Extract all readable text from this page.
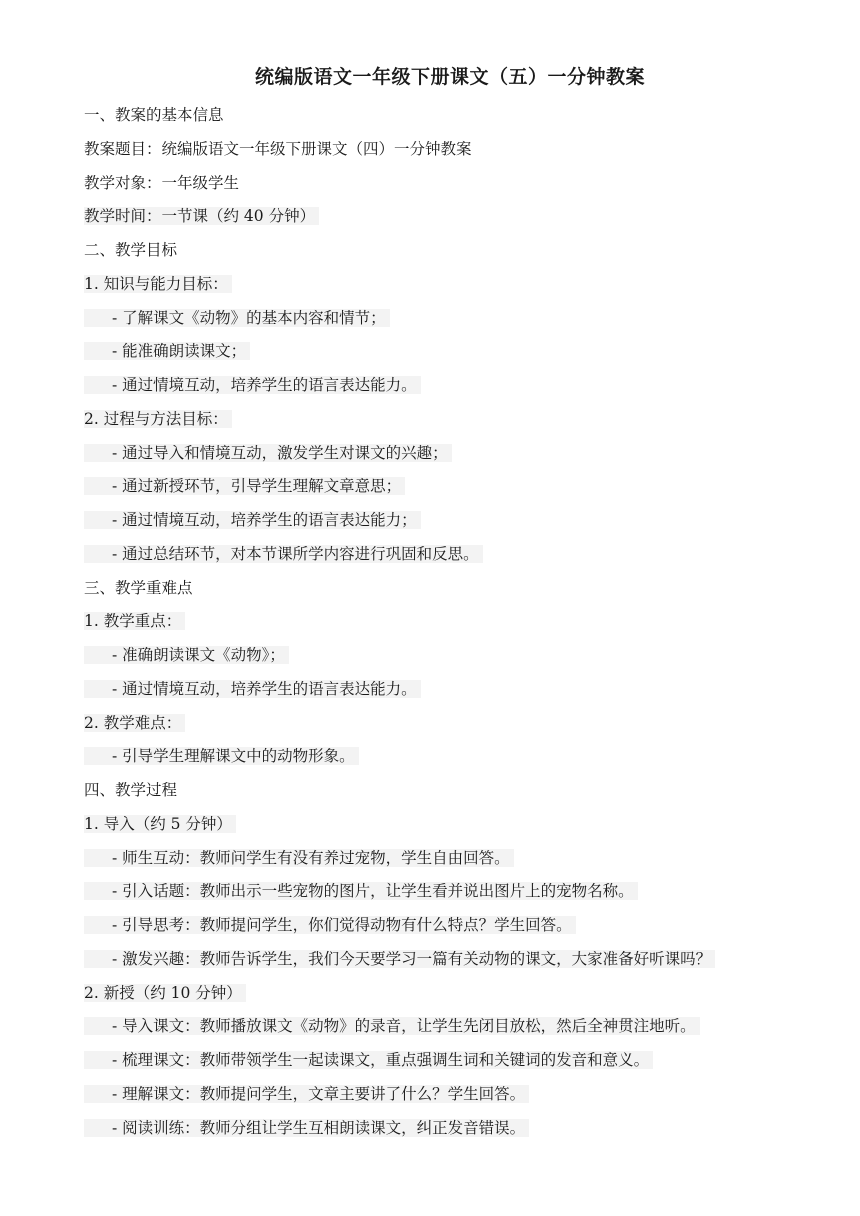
统编版语文一年级下册课文（五）一分钟教案
一、教案的基本信息
教案题目：统编版语文一年级下册课文（四）一分钟教案
教学对象：一年级学生
教学时间：一节课（约 40 分钟）
二、教学目标
1. 知识与能力目标：
- 了解课文《动物》的基本内容和情节；
- 能准确朗读课文；
- 通过情境互动，培养学生的语言表达能力。
2. 过程与方法目标：
- 通过导入和情境互动，激发学生对课文的兴趣；
- 通过新授环节，引导学生理解文章意思；
- 通过情境互动，培养学生的语言表达能力；
- 通过总结环节，对本节课所学内容进行巩固和反思。
三、教学重难点
1. 教学重点：
- 准确朗读课文《动物》；
- 通过情境互动，培养学生的语言表达能力。
2. 教学难点：
- 引导学生理解课文中的动物形象。
四、教学过程
1. 导入（约 5 分钟）
- 师生互动：教师问学生有没有养过宠物，学生自由回答。
- 引入话题：教师出示一些宠物的图片，让学生看并说出图片上的宠物名称。
- 引导思考：教师提问学生，你们觉得动物有什么特点？学生回答。
- 激发兴趣：教师告诉学生，我们今天要学习一篇有关动物的课文，大家准备好听课吗？
2. 新授（约 10 分钟）
- 导入课文：教师播放课文《动物》的录音，让学生先闭目放松，然后全神贯注地听。
- 梳理课文：教师带领学生一起读课文，重点强调生词和关键词的发音和意义。
- 理解课文：教师提问学生，文章主要讲了什么？学生回答。
- 阅读训练：教师分组让学生互相朗读课文，纠正发音错误。
